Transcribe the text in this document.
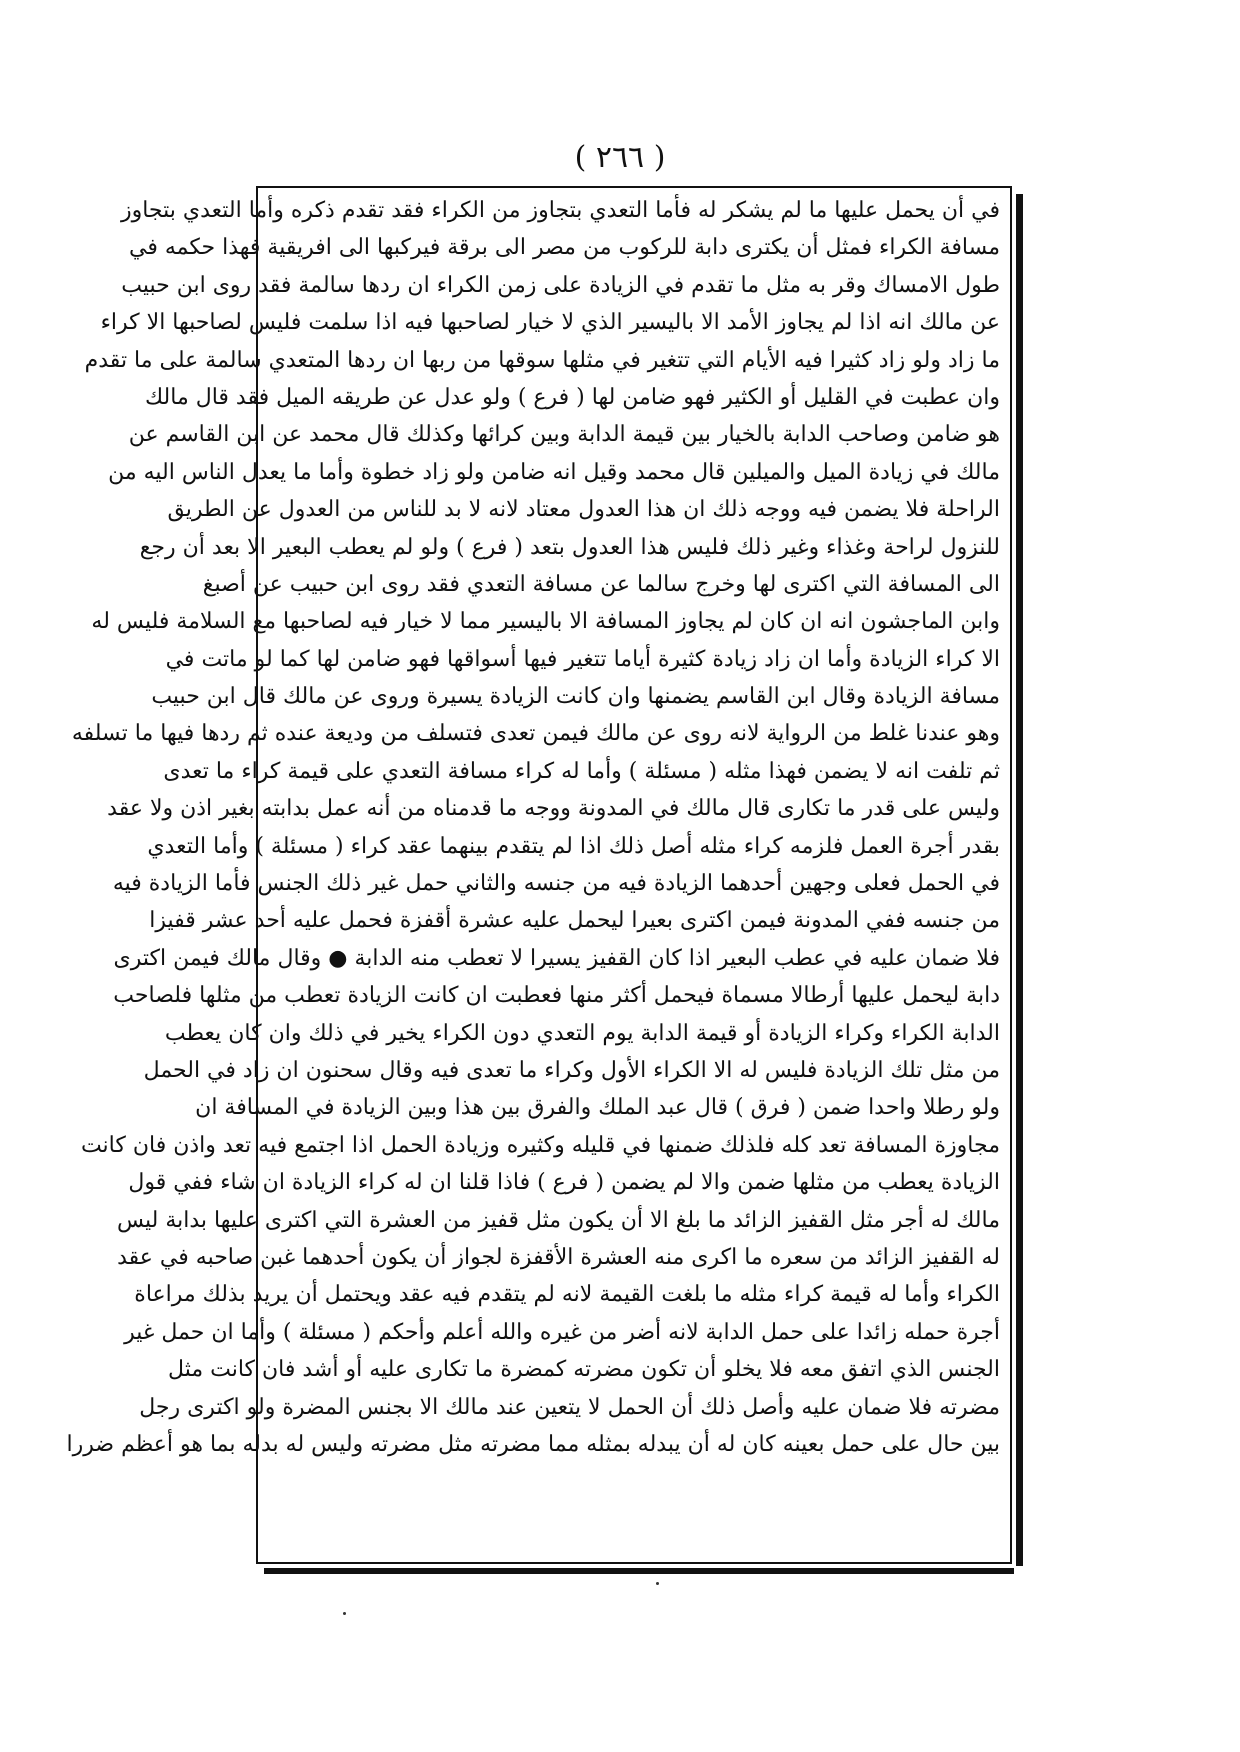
( ٢٦٦ )
في أن يحمل عليها ما لم يشكر له فأما التعدي بتجاوز من الكراء فقد تقدم ذكره وأما التعدي بتجاوز
مسافة الكراء فمثل أن يكترى دابة للركوب من مصر الى برقة فيركبها الى افريقية فهذا حكمه في
طول الامساك وقر به مثل ما تقدم في الزيادة على زمن الكراء ان ردها سالمة فقد روى ابن حبيب
عن مالك انه اذا لم يجاوز الأمد الا باليسير الذي لا خيار لصاحبها فيه اذا سلمت فليس لصاحبها الا كراء
ما زاد ولو زاد كثيرا فيه الأيام التي تتغير في مثلها سوقها من ربها ان ردها المتعدي سالمة على ما تقدم
وان عطبت في القليل أو الكثير فهو ضامن لها ( فرع ) ولو عدل عن طريقه الميل فقد قال مالك
هو ضامن وصاحب الدابة بالخيار بين قيمة الدابة وبين كرائها وكذلك قال محمد عن ابن القاسم عن
مالك في زيادة الميل والميلين قال محمد وقيل انه ضامن ولو زاد خطوة وأما ما يعدل الناس اليه من
الراحلة فلا يضمن فيه ووجه ذلك ان هذا العدول معتاد لانه لا بد للناس من العدول عن الطريق
للنزول لراحة وغذاء وغير ذلك فليس هذا العدول بتعد ( فرع ) ولو لم يعطب البعير الا بعد أن رجع
الى المسافة التي اكترى لها وخرج سالما عن مسافة التعدي فقد روى ابن حبيب عن أصبغ
وابن الماجشون انه ان كان لم يجاوز المسافة الا باليسير مما لا خيار فيه لصاحبها مع السلامة فليس له
الا كراء الزيادة وأما ان زاد زيادة كثيرة أياما تتغير فيها أسواقها فهو ضامن لها كما لو ماتت في
مسافة الزيادة وقال ابن القاسم يضمنها وان كانت الزيادة يسيرة وروى عن مالك قال ابن حبيب
وهو عندنا غلط من الرواية لانه روى عن مالك فيمن تعدى فتسلف من وديعة عنده ثم ردها فيها ما تسلفه
ثم تلفت انه لا يضمن فهذا مثله ( مسئلة ) وأما له كراء مسافة التعدي على قيمة كراء ما تعدى
وليس على قدر ما تكارى قال مالك في المدونة ووجه ما قدمناه من أنه عمل بدابته بغير اذن ولا عقد
بقدر أجرة العمل فلزمه كراء مثله أصل ذلك اذا لم يتقدم بينهما عقد كراء ( مسئلة ) وأما التعدي
في الحمل فعلى وجهين أحدهما الزيادة فيه من جنسه والثاني حمل غير ذلك الجنس فأما الزيادة فيه
من جنسه ففي المدونة فيمن اكترى بعيرا ليحمل عليه عشرة أقفزة فحمل عليه أحد عشر قفيزا
فلا ضمان عليه في عطب البعير اذا كان القفيز يسيرا لا تعطب منه الدابة ● وقال مالك فيمن اكترى
دابة ليحمل عليها أرطالا مسماة فيحمل أكثر منها فعطبت ان كانت الزيادة تعطب من مثلها فلصاحب
الدابة الكراء وكراء الزيادة أو قيمة الدابة يوم التعدي دون الكراء يخير في ذلك وان كان يعطب
من مثل تلك الزيادة فليس له الا الكراء الأول وكراء ما تعدى فيه وقال سحنون ان زاد في الحمل
ولو رطلا واحدا ضمن ( فرق ) قال عبد الملك والفرق بين هذا وبين الزيادة في المسافة ان
مجاوزة المسافة تعد كله فلذلك ضمنها في قليله وكثيره وزيادة الحمل اذا اجتمع فيه تعد واذن فان كانت
الزيادة يعطب من مثلها ضمن والا لم يضمن ( فرع ) فاذا قلنا ان له كراء الزيادة ان شاء ففي قول
مالك له أجر مثل القفيز الزائد ما بلغ الا أن يكون مثل قفيز من العشرة التي اكترى عليها بدابة ليس
له القفيز الزائد من سعره ما اكرى منه العشرة الأقفزة لجواز أن يكون أحدهما غبن صاحبه في عقد
الكراء وأما له قيمة كراء مثله ما بلغت القيمة لانه لم يتقدم فيه عقد ويحتمل أن يريد بذلك مراعاة
أجرة حمله زائدا على حمل الدابة لانه أضر من غيره والله أعلم وأحكم ( مسئلة ) وأما ان حمل غير
الجنس الذي اتفق معه فلا يخلو أن تكون مضرته كمضرة ما تكارى عليه أو أشد فان كانت مثل
مضرته فلا ضمان عليه وأصل ذلك أن الحمل لا يتعين عند مالك الا بجنس المضرة ولو اكترى رجل
بين حال على حمل بعينه كان له أن يبدله بمثله مما مضرته مثل مضرته وليس له بدله بما هو أعظم ضررا
